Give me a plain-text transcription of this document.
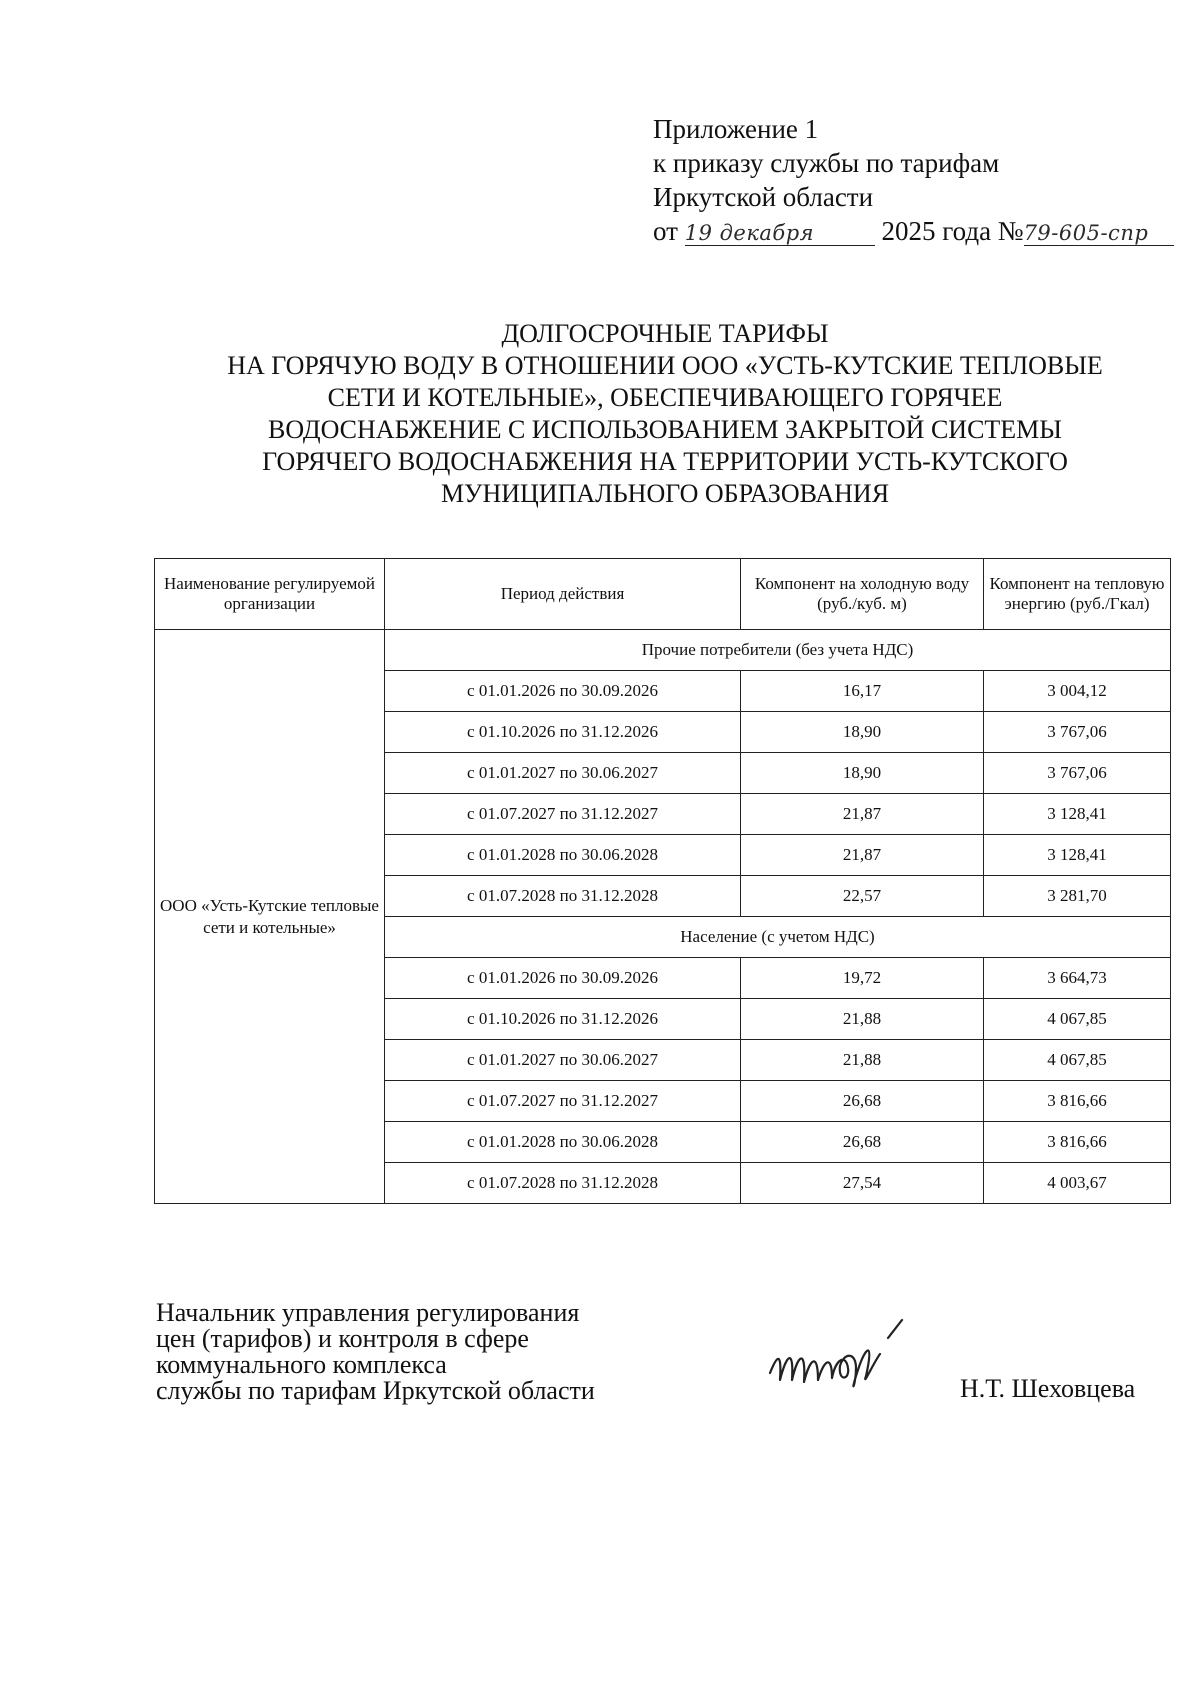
Приложение 1
к приказу службы по тарифам
Иркутской области
от 19 декабря 2025 года №79-605-спр
ДОЛГОСРОЧНЫЕ ТАРИФЫ
НА ГОРЯЧУЮ ВОДУ В ОТНОШЕНИИ ООО «УСТЬ-КУТСКИЕ ТЕПЛОВЫЕ
СЕТИ И КОТЕЛЬНЫЕ», ОБЕСПЕЧИВАЮЩЕГО ГОРЯЧЕЕ
ВОДОСНАБЖЕНИЕ С ИСПОЛЬЗОВАНИЕМ ЗАКРЫТОЙ СИСТЕМЫ
ГОРЯЧЕГО ВОДОСНАБЖЕНИЯ НА ТЕРРИТОРИИ УСТЬ-КУТСКОГО
МУНИЦИПАЛЬНОГО ОБРАЗОВАНИЯ
Наименование регулируемой организации	Период действия	Компонент на холодную воду (руб./куб. м)	Компонент на тепловую энергию (руб./Гкал)
ООО «Усть-Кутские тепловые сети и котельные»	Прочие потребители (без учета НДС)		
	с 01.01.2026 по 30.09.2026	16,17	3 004,12
	с 01.10.2026 по 31.12.2026	18,90	3 767,06
	с 01.01.2027 по 30.06.2027	18,90	3 767,06
	с 01.07.2027 по 31.12.2027	21,87	3 128,41
	с 01.01.2028 по 30.06.2028	21,87	3 128,41
	с 01.07.2028 по 31.12.2028	22,57	3 281,70
	Население (с учетом НДС)		
	с 01.01.2026 по 30.09.2026	19,72	3 664,73
	с 01.10.2026 по 31.12.2026	21,88	4 067,85
	с 01.01.2027 по 30.06.2027	21,88	4 067,85
	с 01.07.2027 по 31.12.2027	26,68	3 816,66
	с 01.01.2028 по 30.06.2028	26,68	3 816,66
	с 01.07.2028 по 31.12.2028	27,54	4 003,67
Начальник управления регулирования
цен (тарифов) и контроля в сфере
коммунального комплекса
службы по тарифам Иркутской области	Н.Т. Шеховцева
